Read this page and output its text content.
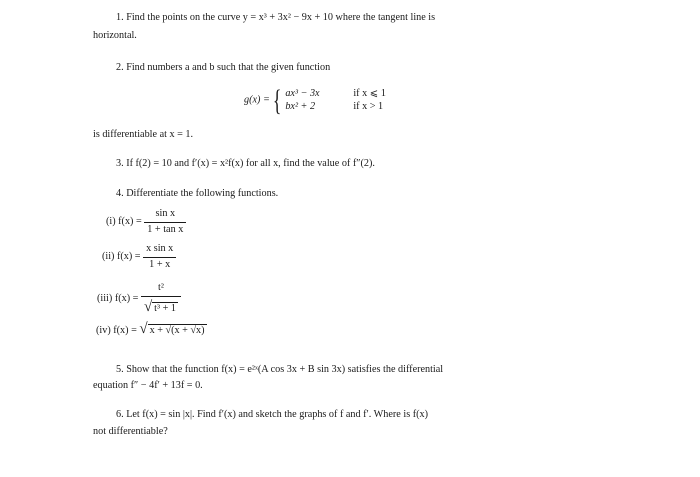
1. Find the points on the curve y = x³ + 3x² − 9x + 10 where the tangent line is
horizontal.
2. Find numbers a and b such that the given function
g(x) = { ax³ − 3x	if x ⩽ 1
bx² + 2	if x > 1
is differentiable at x = 1.
3. If f(2) = 10 and f′(x) = x²f(x) for all x, find the value of f″(2).
4. Differentiate the following functions.
(i) $f(x) = \frac{\text{sin x}}{\text{1 + tan x}}$
(ii) $f(x) = \frac{\text{x sin x}}{1 + x}$
(iii) $f(x) = \frac{\text{t²}}{\text{√ t³ + 1}}$
(iv) f(x) = √ x + √(x + √x)
5. Show that the function f(x) = e²ˣ(A cos 3x + B sin 3x) satisfies the differential
equation f″ − 4f′ + 13f = 0.
6. Let f(x) = sin |x|. Find f′(x) and sketch the graphs of f and f′. Where is f(x)
not differentiable?
